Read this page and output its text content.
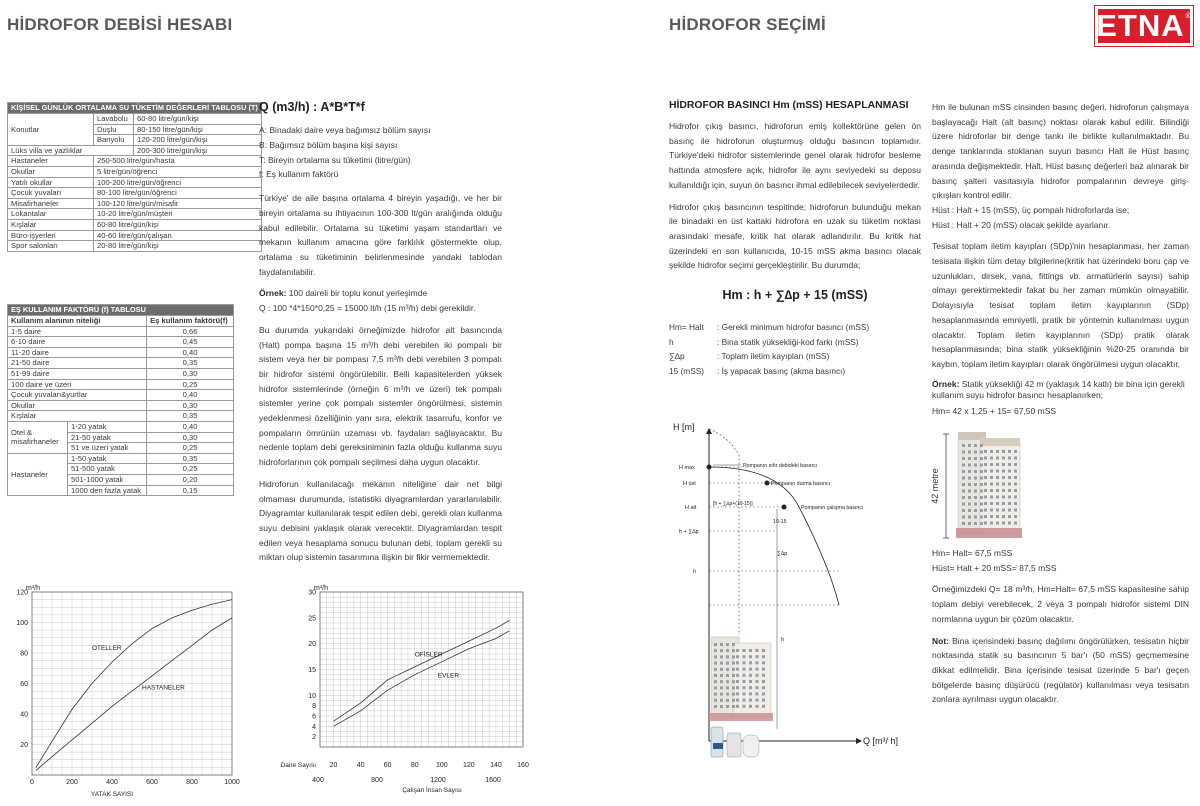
HİDROFOR DEBİSİ HESABI	HİDROFOR SEÇİMİ	ETNA®
KİŞİSEL GÜNLÜK ORTALAMA SU TÜKETİM DEĞERLERİ TABLOSU (T)		
Konutlar	Lavabolu	60-80 litre/gün/kişi
	Duşlu	80-150 litre/gün/kişi
	Banyolu	120-200 litre/gün/kişi
Lüks villa ve yazlıklar		200-300 litre/gün/kişi
Hastaneler	250-500 litre/gün/hasta	
Okullar	5 litre/gün/öğrenci	
Yatılı okullar	100-200 litre/gün/öğrenci	
Çocuk yuvaları	80-100 litre/gün/öğrenci	
Misafirhaneler	100-120 litre/gün/misafir	
Lokantalar	10-20 litre/gün/müşteri	
Kışlalar	60-80 litre/gün/kişi	
Büro-işyerleri	40-60 litre/gün/çalışan	
Spor salonları	20-80 litre/gün/kişi	
EŞ KULLANIM FAKTÖRÜ (f) TABLOSU		
Kullanım alanının niteliği		Eş kullanım faktörü(f)
1-5 daire		0,66
6-10 daire		0,45
11-20 daire		0,40
21-50 daire		0,35
51-99 daire		0,30
100 daire ve üzeri		0,25
Çocuk yuvaları&yurtlar		0,40
Okullar		0,30
Kışlalar		0,35
Otel & misafirhaneler	1-20 yatak	0,40
	21-50 yatak	0,30
	51 ve üzeri yatak	0,25
Hastaneler	1-50 yatak	0,35
	51-500 yatak	0,25
	501-1000 yatak	0,20
	1000 den fazla yatak	0,15
Q (m3/h) : A*B*T*f
A: Binadaki daire veya bağımsız bölüm sayısı
B: Bağımsız bölüm başına kişi sayısı
T: Bireyin ortalama su tüketimi (litre/gün)
f: Eş kullanım faktörü

Türkiye' de aile başına ortalama 4 bireyin yaşadığı, ve her bir bireyin ortalama su ihtiyacının 100-300 lt/gün aralığında olduğu kabul edilebilir. Ortalama su tüketimi yaşam standartları ve mekanın kullanım amacına göre farklılık göstermekte olup, ortalama su tüketiminin belirlenmesinde yandaki tablodan faydalanılabilir.

Örnek: 100 daireli bir toplu konut yerleşimde

Q : 100 *4*150*0,25 = 15000 lt/h (15 m³/h) debi gerekildir.

Bu durumda yukarıdaki örneğimizde hidrofor alt basıncında (Halt) pompa başına 15 m³/h debi verebilen iki pompalı bir sistem veya her bir pompası 7,5 m³/h debi verebilen 3 pompalı bir hidrofor sistemi öngörülebilir. Belli kapasitelerden yüksek hidrofor sistemlerinde (örneğin 6 m³/h ve üzeri) tek pompalı sistemler yerine çok pompalı sistemler öngörülmesi, sistemin yedeklenmesi özelliğinin yanı sıra, elektrik tasarrufu, konfor ve pompaların ömrünün uzaması vb. faydaları sağlayacaktır. Bu nedenle toplam debi gereksiniminin fazla olduğu kullanma suyu hidroforlarının çok pompalı seçilmesi daha uygun olacaktır.

Hidroforun kullanılacağı mekanın niteliğine dair net bilgi olmaması durumunda, istatistiki diyagramlardan yararlanılabilir. Diyagramlar kullanılarak tespit edilen debi, gerekli olan kullanma suyu debisini yaklaşık olarak verecektir. Diyagramlardan tespit edilen veya hesaplama sonucu bulunan debi, toplam gerekli su miktarı olup sistemin tasarımına ilişkin bir fikir vermemektedir.

HİDROFOR BASINCI Hm (mSS) HESAPLANMASI

Hidrofor çıkış basıncı, hidroforun emiş kollektörüne gelen ön basınç ile hidroforun oluşturmuş olduğu basıncın toplamıdır. Türkiye'deki hidrofor sistemlerinde genel olarak hidrofor besleme hattında atmosfere açık, hidrofor ile aynı seviyedeki su deposu kullanıldığı için, suyun ön basıncı ihmal edilebilecek seviyelerdedir.

Hidrofor çıkış basıncının tespitinde; hidroforun bulunduğu mekan ile binadaki en üst kattaki hidrofora en uzak su tüketim noktası arasındaki mesafe, kritik hat olarak adlandırılır. Bu kritik hat üzerindeki en son kullanıcıda, 10-15 mSS akma basıncı olacak şekilde hidrofor seçimi gerçekleştirilir. Bu durumda;

Hm : h + ∑∆p + 15 (mSS)
Hm= Halt	: Gerekli minimum hidrofor basıncı (mSS)
h	: Bina statik yüksekliği-kod farkı (mSS)
∑∆p	: Toplam iletim kayıpları (mSS)
15 (mSS)	: İş yapacak basınç (akma basıncı)

Hm ile bulunan mSS cinsinden basınç değeri, hidroforun çalışmaya başlayacağı Halt (alt basınç) noktası olarak kabul edilir. Bilindiği üzere hidroforlar bir denge tankı ile birlikte kullanılmaktadır. Bu denge tanklarında stoklanan suyun basıncı Halt ile Hüst basınç arasında değişmektedir. Halt, Hüst basınç değerleri baz alınarak bir basınç şalteri vasıtasıyla hidrofor pompalarının devreye giriş-çıkışları kontrol edilir.

Hüst : Halt + 15 (mSS), üç pompalı hidroforlarda ise;

Hüst : Halt + 20 (mSS) olacak şekilde ayarlanır.

Tesisat toplam iletim kayıpları (SDp)'nin hesaplanması, her zaman tesisata ilişkin tüm detay bilgilerine(kritik hat üzerindeki boru çap ve uzunlukları, dirsek, vana, fittings vb. armatürlerin sayısı) sahip olmayı gerektirmektedir fakat bu her zaman mümkün olmayabilir. Dolayısıyla tesisat toplam iletim kayıplarının (SDp) hesaplanmasında emniyetli, pratik bir yöntemin kullanılması uygun olacaktır. Toplam iletim kayıplarının (SDp) pratik olarak hesaplanmasında; bina statik yüksekliğinin %20-25 oranında bir kaybın, toplam iletim kayıpları olarak öngörülmesi uygun olacaktır.

Örnek: Statik yüksekliği 42 m (yaklaşık 14 katlı) bir bina için gerekli kullanım suyu hidrofor basıncı hesaplanırken;

Hm= 42 x 1,25 + 15= 67,50 mSS

42 metre

Hm= Halt= 67,5 mSS

Hüst= Halt + 20 mSS= 87,5 mSS

Örneğimizdeki Q= 18 m³/h, Hm=Halt= 67,5 mSS kapasitesine sahip toplam debiyi verebilecek, 2 veya 3 pompalı hidrofor sistemi DIN normlarına uygun bir çözüm olacaktır.

Not: Bina içerisindeki basınç dağılımı öngörülürken, tesisatın hiçbir noktasında statik su basıncının 5 bar'ı (50 mSS) geçmemesine dikkat edilmelidir. Bina içerisinde tesisat üzerinde 5 bar'ı geçen bölgelerde basınç düşürücü (regülatör) kullanılması veya tesisatın zonlara ayrılması uygun olacaktır.

H [m]
Q [m³/ h]
H max
H üst
H alt
h + ∑∆p
h
Pompanın sıfır debideki basıncı
Pompanın durma basıncı
Pompanın çalışma basıncı
[h + ∑∆p+(10-15)]
10-15
∑∆p
h
0	200	400	600	800	1000
20
40
60
80
100
120
m³/h
YATAK SAYISI
OTELLER
HASTANELER
2
4
6
8
10
15
20
25
30
m³/h
Daire Sayısı 20	40	60	80 100 120 140 160
400	800	1200	1600
Çalışan İnsan Sayısı
OFİSLER
EVLER
